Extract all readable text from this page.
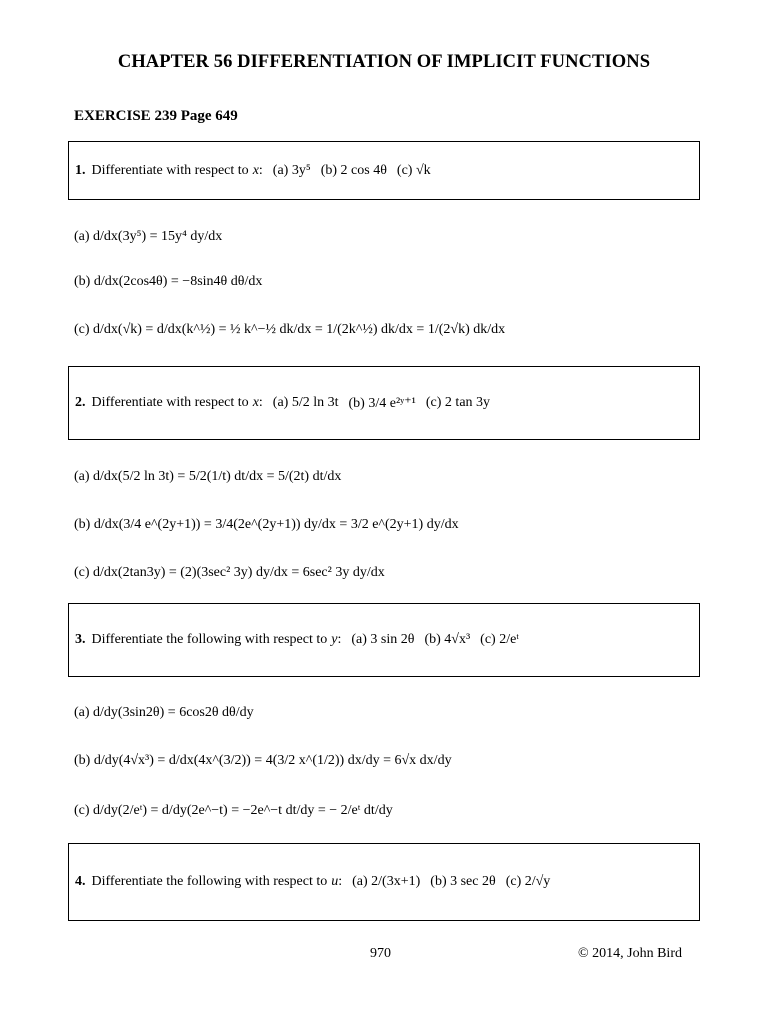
CHAPTER 56 DIFFERENTIATION OF IMPLICIT FUNCTIONS
EXERCISE 239 Page 649
1. Differentiate with respect to x : (a) 3y⁵ (b) 2 cos 4θ (c) √k
(a) d/dx(3y⁵) = 15y⁴ dy/dx
(b) d/dx(2cos4θ) = −8sin4θ dθ/dx
(c) d/dx(√k) = d/dx(k^½) = ½ k^−½ dk/dx = 1/(2k^½) dk/dx = 1/(2√k) dk/dx
2. Differentiate with respect to x : (a) 5/2 ln 3t (b) 3/4 e²ʸ⁺¹ (c) 2 tan 3y
(a) d/dx(5/2 ln 3t) = 5/2(1/t) dt/dx = 5/(2t) dt/dx
(b) d/dx(3/4 e^(2y+1)) = 3/4(2e^(2y+1)) dy/dx = 3/2 e^(2y+1) dy/dx
(c) d/dx(2tan3y) = (2)(3sec² 3y) dy/dx = 6sec² 3y dy/dx
3. Differentiate the following with respect to y : (a) 3 sin 2θ (b) 4√x³ (c) 2/eᵗ
(a) d/dy(3sin2θ) = 6cos2θ dθ/dy
(b) d/dy(4√x³) = d/dx(4x^(3/2)) = 4(3/2 x^(1/2)) dx/dy = 6√x dx/dy
(c) d/dy(2/eᵗ) = d/dy(2e^−t) = −2e^−t dt/dy = − 2/eᵗ dt/dy
4. Differentiate the following with respect to u : (a) 2/(3x+1) (b) 3 sec 2θ (c) 2/√y
970	© 2014, John Bird
